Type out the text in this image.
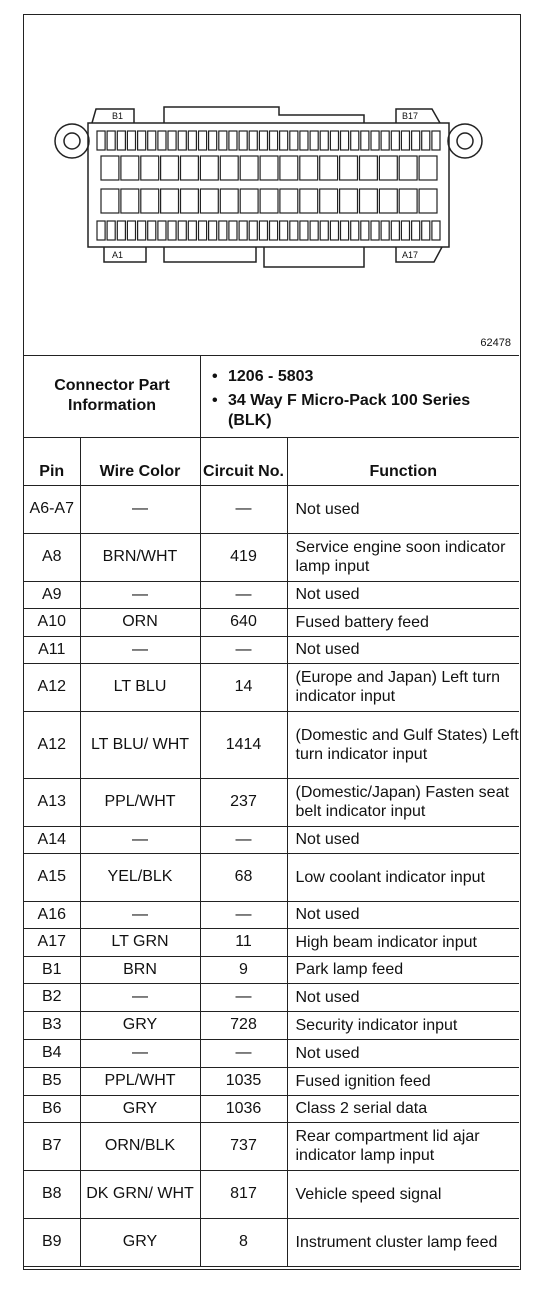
B1	B17
A1	A17
62478
Connector Part Information
• 1206 - 5803
• 34 Way F Micro-Pack 100 Series (BLK)
Pin	Wire Color	Circuit No.	Function
A6-A7	—	—	Not used
A8	BRN/WHT	419	Service engine soon indicator lamp input
A9	—	—	Not used
A10	ORN	640	Fused battery feed
A11	—	—	Not used
A12	LT BLU	14	(Europe and Japan) Left turn indicator input
A12	LT BLU/ WHT	1414	(Domestic and Gulf States) Left turn indicator input
A13	PPL/WHT	237	(Domestic/Japan) Fasten seat belt indicator input
A14	—	—	Not used
A15	YEL/BLK	68	Low coolant indicator input
A16	—	—	Not used
A17	LT GRN	11	High beam indicator input
B1	BRN	9	Park lamp feed
B2	—	—	Not used
B3	GRY	728	Security indicator input
B4	—	—	Not used
B5	PPL/WHT	1035	Fused ignition feed
B6	GRY	1036	Class 2 serial data
B7	ORN/BLK	737	Rear compartment lid ajar indicator lamp input
B8	DK GRN/ WHT	817	Vehicle speed signal
B9	GRY	8	Instrument cluster lamp feed
